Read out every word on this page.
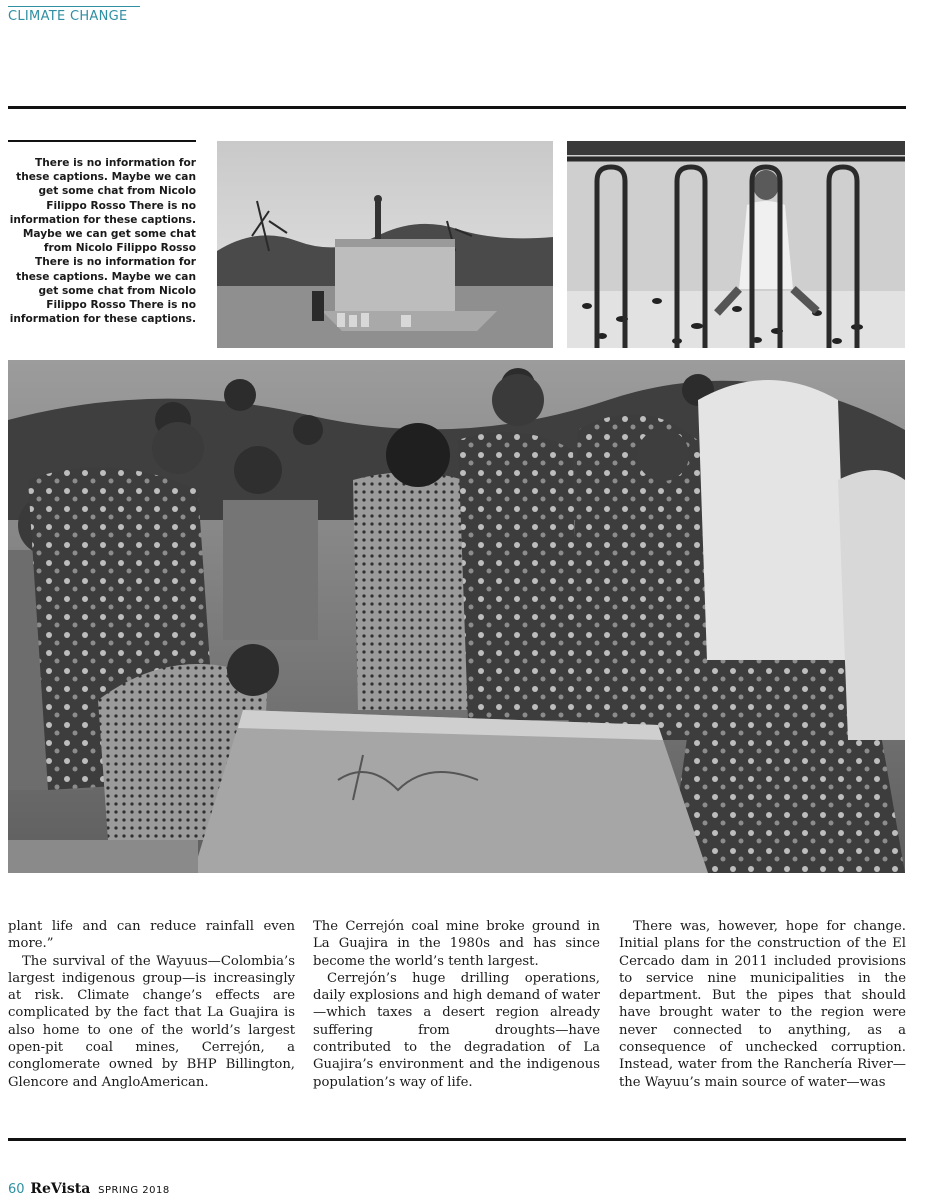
CLIMATE CHANGE
There is no information for these captions. Maybe we can get some chat from Nicolo Filippo Rosso There is no information for these captions. Maybe we can get some chat from Nicolo Filippo Rosso There is no information for these captions. Maybe we can get some chat from Nicolo Filippo Rosso There is no information for these captions.

plant life and can reduce rainfall even more.”

The survival of the Wayuus—Colombia’s largest indigenous group—is increasingly at risk. Climate change’s effects are complicated by the fact that La Guajira is also home to one of the world’s largest open-pit coal mines, Cerrejón, a conglomerate owned by BHP Billington, Glencore and AngloAmerican.

The Cerrejón coal mine broke ground in La Guajira in the 1980s and has since become the world’s tenth largest.

Cerrejón’s huge drilling operations, daily explosions and high demand of water—which taxes a desert region already suffering from droughts—have contributed to the degradation of La Guajira’s environment and the indigenous population’s way of life.

There was, however, hope for change. Initial plans for the construction of the El Cercado dam in 2011 included provisions to service nine municipalities in the department. But the pipes that should have brought water to the region were never connected to anything, as a consequence of unchecked corruption. Instead, water from the Ranchería River—the Wayuu’s main source of water—was

60 ReVista SPRING 2018
